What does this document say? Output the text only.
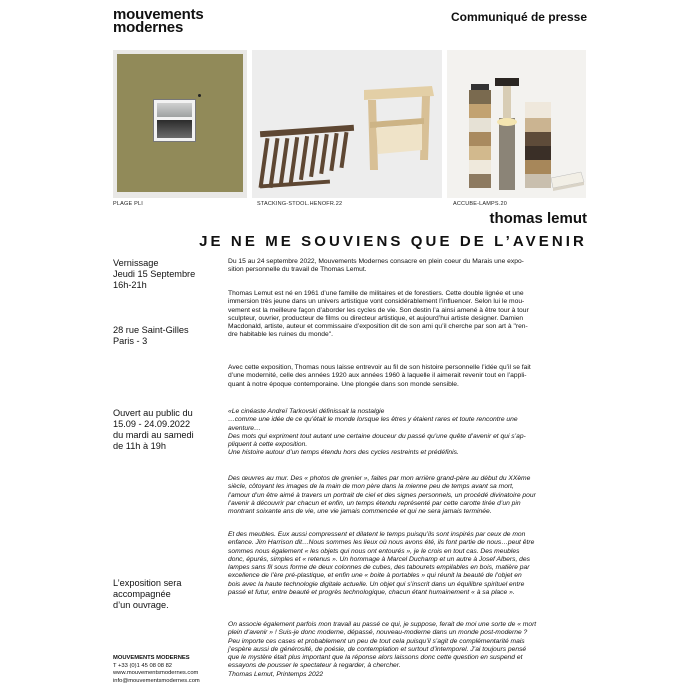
mouvements
modernes
Communiqué de presse
PLAGE PLI	STACKING-STOOL.HENOFR.22	ACCUBE-LAMPS.20
thomas lemut
JE NE ME SOUVIENS QUE DE L’AVENIR
Vernissage
Jeudi 15 Septembre
16h-21h
28 rue Saint-Gilles
Paris - 3
Ouvert au public du
15.09 - 24.09.2022
du mardi au samedi
de 11h à 19h
L’exposition sera
accompagnée
d’un ouvrage.
Du 15 au 24 septembre 2022, Mouvements Modernes consacre en plein coeur du Marais une expo-
sition personnelle du travail de Thomas Lemut.
Thomas Lemut est né en 1961 d’une famille de militaires et de forestiers. Cette double lignée et une
immersion très jeune dans un univers artistique vont considérablement l’influencer. Selon lui le mou-
vement est la meilleure façon d’aborder les cycles de vie. Son destin l’a ainsi amené à être tour à tour
sculpteur, ouvrier, producteur de films ou directeur artistique, et aujourd’hui artiste designer. Damien
Macdonald, artiste, auteur et commissaire d’exposition dit de son ami qu’il cherche par son art à "ren-
dre habitable les ruines du monde".
Avec cette exposition, Thomas nous laisse entrevoir au fil de son histoire personnelle l’idée qu’il se fait
d’une modernité, celle des années 1920 aux années 1960 à laquelle il aimerait revenir tout en l’appli-
quant à notre époque contemporaine. Une plongée dans son monde sensible.
«Le cinéaste Andreï Tarkovski définissait la nostalgie
…comme une idée de ce qu’était le monde lorsque les êtres y étaient rares et toute rencontre une
aventure…
Des mots qui expriment tout autant une certaine douceur du passé qu’une quête d’avenir et qui s’ap-
pliquent à cette exposition.
Une histoire autour d’un temps étendu hors des cycles restreints et prédéfinis.
Des œuvres au mur. Des « photos de grenier », faites par mon arrière grand-père au début du XXème
siècle, côtoyant les images de la main de mon père dans la mienne peu de temps avant sa mort,
l’amour d’un être aimé à travers un portrait de ciel et des signes personnels, un procédé divinatoire pour
l’avenir à découvrir par chacun et enfin, un temps étendu représenté par cette carotte tirée d’un pin
montrant soixante ans de vie, une vie jamais commencée et qui ne sera jamais terminée.
Et des meubles. Eux aussi compressent et dilatent le temps puisqu’ils sont inspirés par ceux de mon
enfance. Jim Harrison dit…Nous sommes les lieux où nous avons été, ils font partie de nous…peut être
sommes nous également « les objets qui nous ont entourés », je le crois en tout cas. Des meubles
donc, épurés, simples et « retenus ». Un hommage à Marcel Duchamp et un autre à Josef Albers, des
lampes sans fil sous forme de deux colonnes de cubes, des tabourets empilables en bois, matière par
excellence de l’ère pré-plastique, et enfin une « boite à portables » qui réunit la beauté de l’objet en
bois avec la haute technologie digitale actuelle. Un objet qui s’inscrit dans un équilibre spirituel entre
passé et futur, entre beauté et progrès technologique, chacun étant humainement « à sa place ».
On associe également parfois mon travail au passé ce qui, je suppose, ferait de moi une sorte de « mort
plein d’avenir » ! Suis-je donc moderne, dépassé, nouveau-moderne dans un monde post-moderne ?
Peu importe ces cases et probablement un peu de tout cela puisqu’il s’agit de complémentarité mais
j’espère aussi de générosité, de poésie, de contemplation et surtout d’intemporel. J’ai toujours pensé
que le mystère était plus important que la réponse alors laissons donc cette question en suspend et
essayons de pousser le spectateur à regarder, à chercher.
Thomas Lemut, Printemps 2022
MOUVEMENTS MODERNES
T +33 (0)1 45 08 08 82
www.mouvementsmodernes.com
info@mouvementsmodernes.com
